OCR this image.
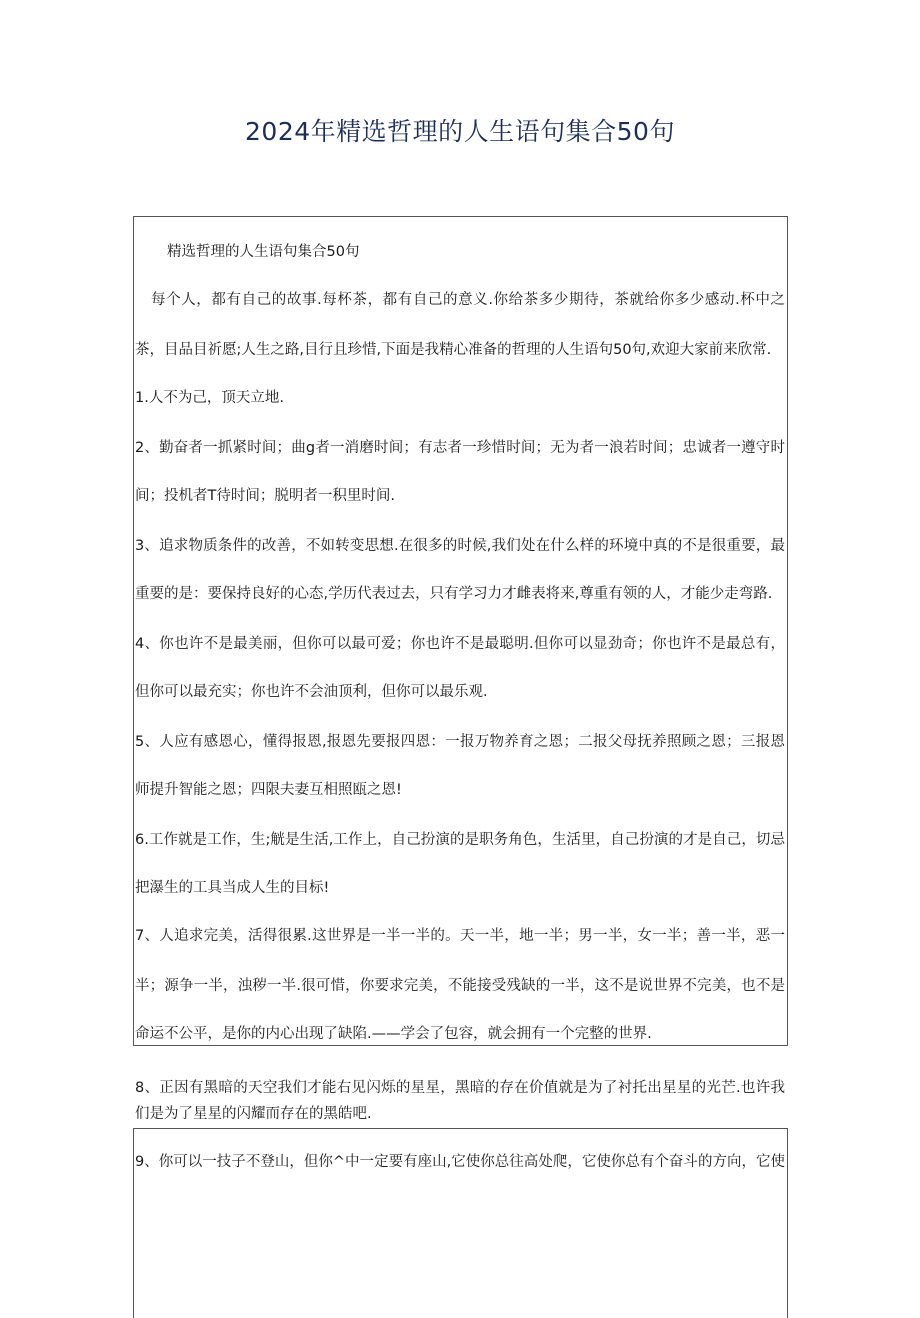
2024年精选哲理的人生语句集合50句
精选哲理的人生语句集合50句
每个人，都有自己的故事.每杯茶，都有自己的意义.你给茶多少期待，茶就给你多少感动.杯中之
茶，目品目祈愿;人生之路,目行且珍惜,下面是我精心准备的哲理的人生语句50句,欢迎大家前来欣常.
1.人不为己，顶天立地.
2、勤奋者一抓紧时间；曲g者一消磨时间；有志者一珍惜时间；无为者一浪若时间；忠诚者一遵守时
间；投机者T待时间；脱明者一积里时间.
3、追求物质条件的改善，不如转变思想.在很多的时候,我们处在什么样的环境中真的不是很重要，最
重要的是：要保持良好的心态,学历代表过去，只有学习力才雌表将来,尊重有领的人，才能少走弯路.
4、你也许不是最美丽，但你可以最可爱；你也许不是最聪明.但你可以显劲奇；你也许不是最总有，
但你可以最充实；你也许不会油顶利，但你可以最乐观.
5、人应有感恩心，懂得报恩,报恩先要报四恩：一报万物养育之恩；二报父母抚养照顾之恩；三报恩
师提升智能之恩；四限夫妻互相照瓯之恩!
6.工作就是工作，生;觥是生活,工作上，自己扮演的是职务角色，生活里，自己扮演的才是自己，切忌
把瀑生的工具当成人生的目标!
7、人追求完美，活得很累.这世界是一半一半的。天一半，地一半；男一半，女一半；善一半，恶一
半；源争一半，浊秽一半.很可惜，你要求完美，不能接受残缺的一半，这不是说世界不完美，也不是
命运不公平，是你的内心出现了缺陷.——学会了包容，就会拥有一个完整的世界.
8、正因有黑暗的天空我们才能右见闪烁的星星，黑暗的存在价值就是为了衬托出星星的光芒.也许我
们是为了星星的闪耀而存在的黑皓吧.
9、你可以一技子不登山，但你^中一定要有座山,它使你总往高处爬，它使你总有个奋斗的方向，它使
